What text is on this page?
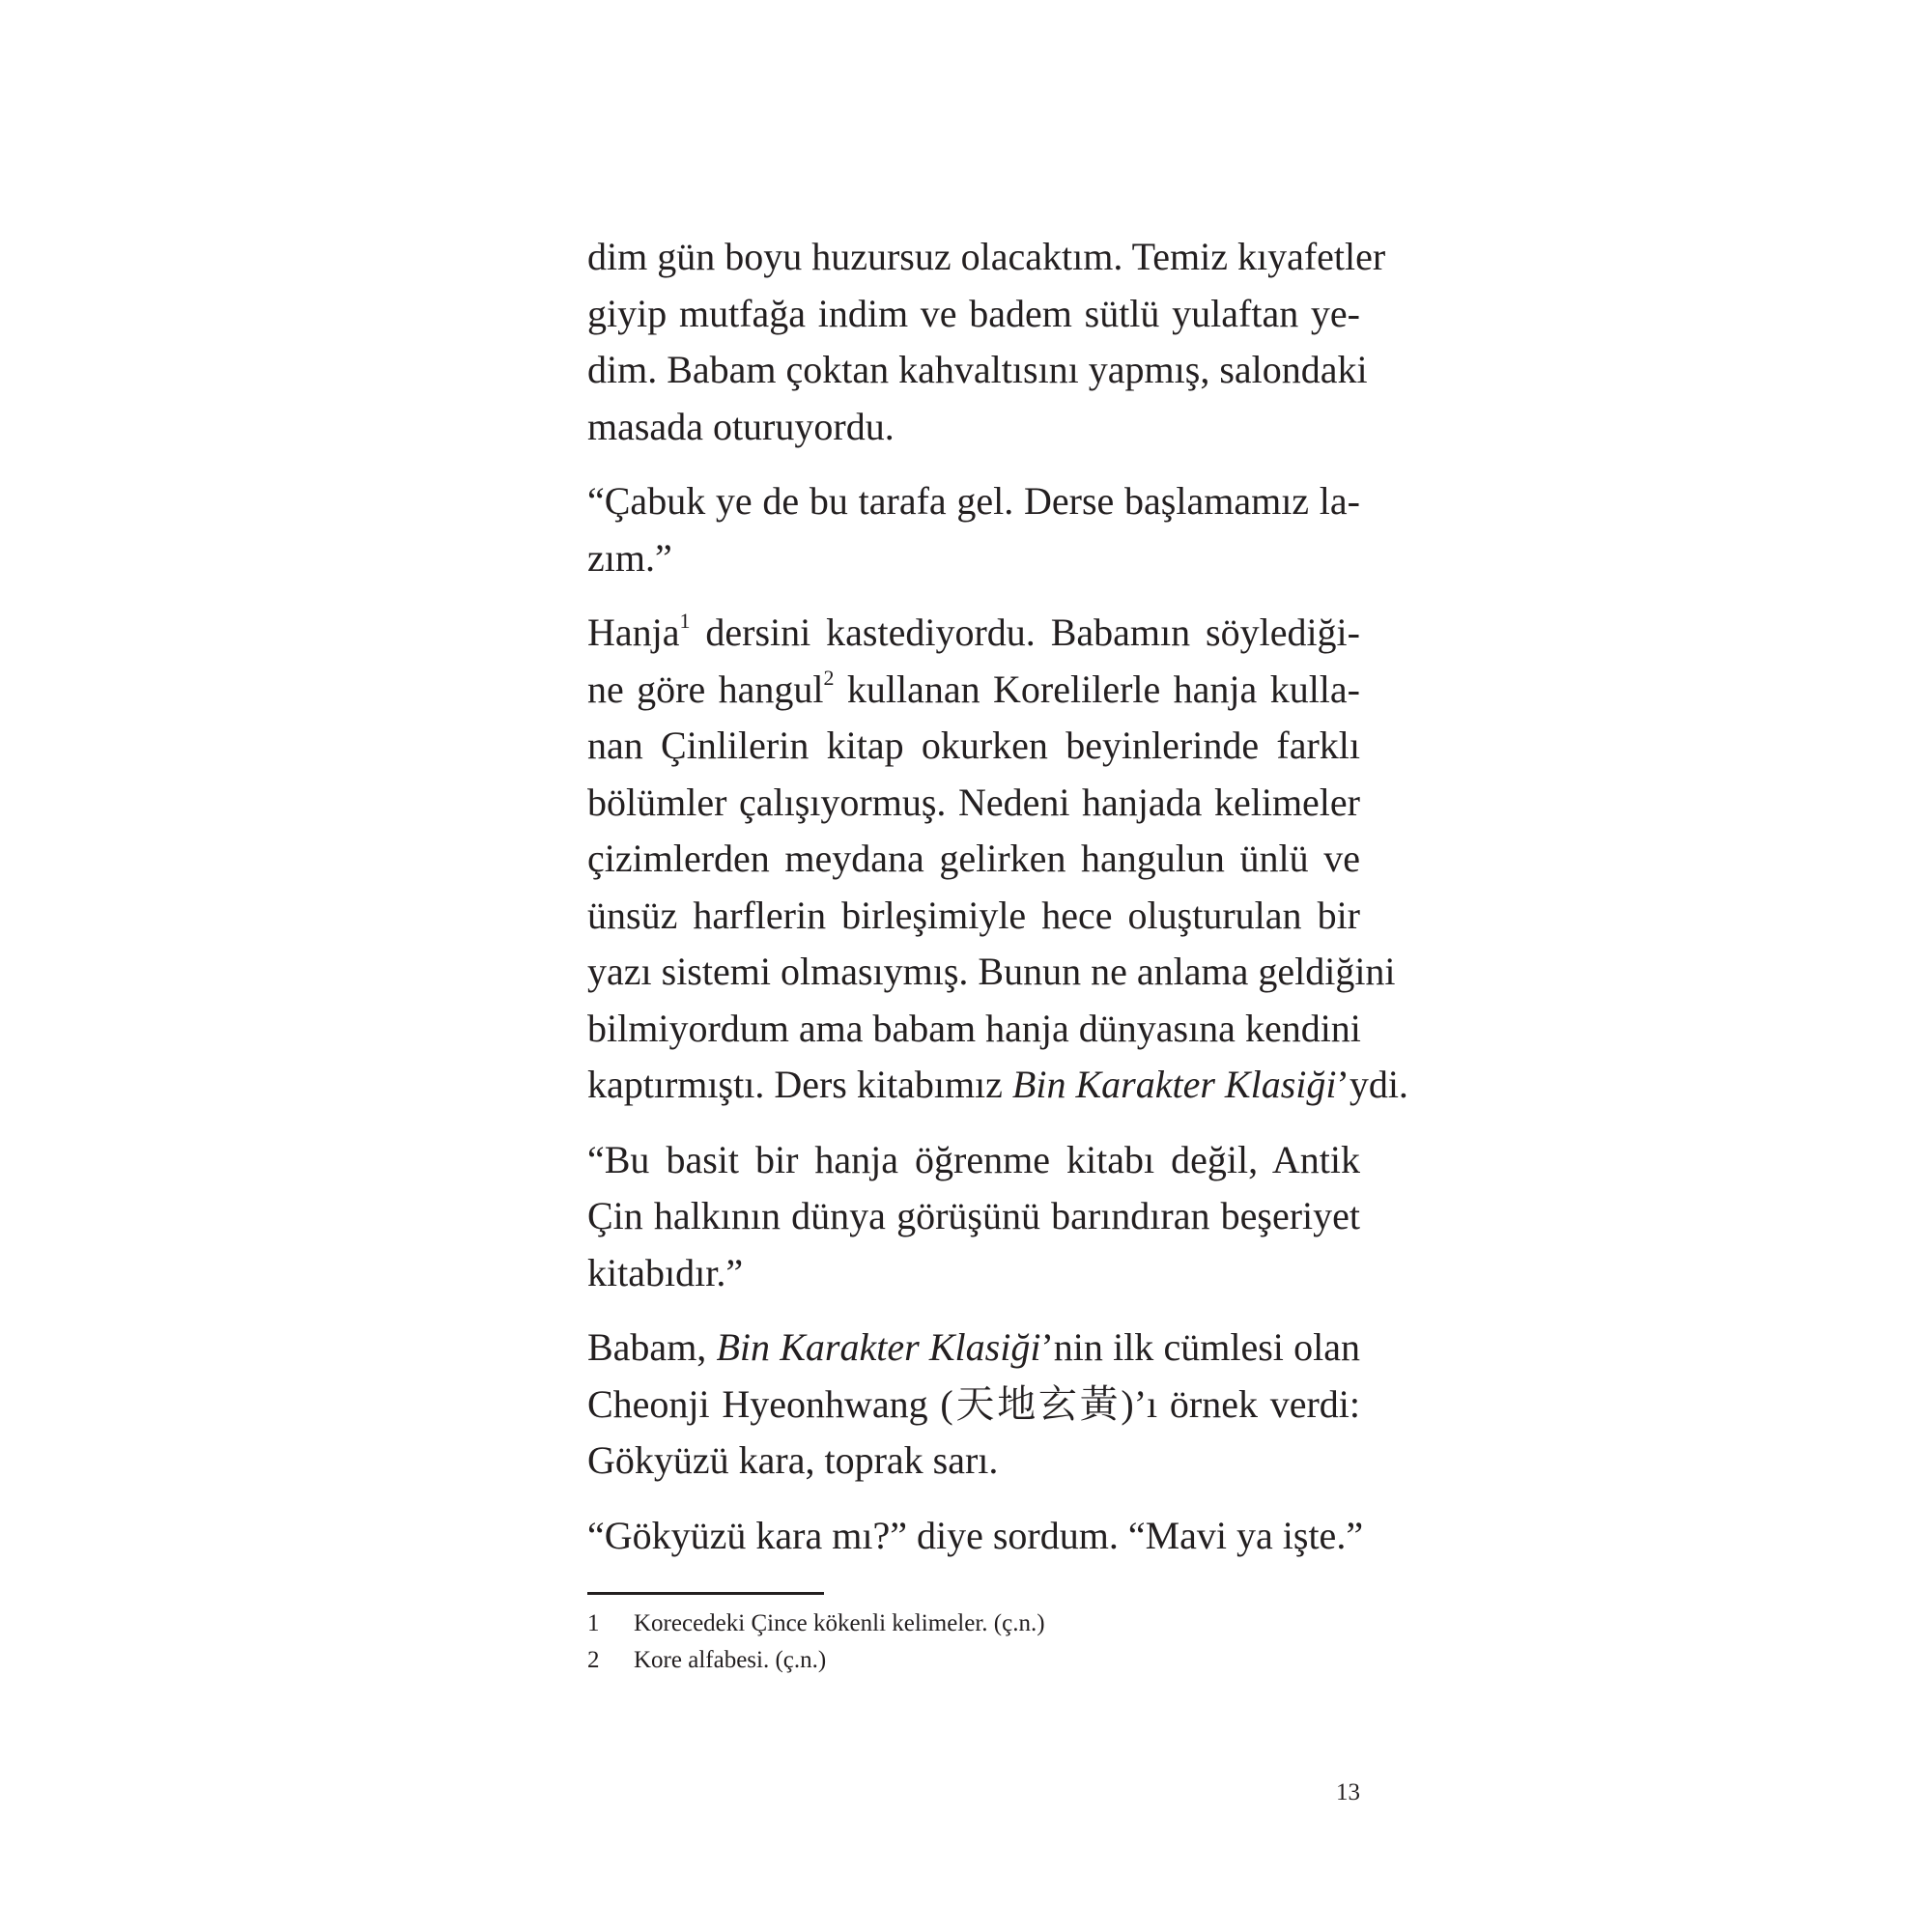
dim gün boyu huzursuz olacaktım. Temiz kıyafetler
giyip mutfağa indim ve badem sütlü yulaftan ye-
dim. Babam çoktan kahvaltısını yapmış, salondaki
masada oturuyordu.

“Çabuk ye de bu tarafa gel. Derse başlamamız la-
zım.”

Hanja$^1$ dersini kastediyordu. Babamın söylediği-
ne göre hangul$^2$ kullanan Korelilerle hanja kulla-
nan Çinlilerin kitap okurken beyinlerinde farklı
bölümler çalışıyormuş. Nedeni hanjada kelimeler
çizimlerden meydana gelirken hangulun ünlü ve
ünsüz harflerin birleşimiyle hece oluşturulan bir
yazı sistemi olmasıymış. Bunun ne anlama geldiğini
bilmiyordum ama babam hanja dünyasına kendini
kaptırmıştı. Ders kitabımız Bin Karakter Klasiği’ydi.

“Bu basit bir hanja öğrenme kitabı değil, Antik
Çin halkının dünya görüşünü barındıran beşeriyet
kitabıdır.”

Babam, Bin Karakter Klasiği’nin ilk cümlesi olan
Cheonji Hyeonhwang (天地玄黃)’ı örnek verdi:
Gökyüzü kara, toprak sarı.

“Gökyüzü kara mı?” diye sordum. “Mavi ya işte.”

1	Korecedeki Çince kökenli kelimeler. (ç.n.)
2	Kore alfabesi. (ç.n.)
13
